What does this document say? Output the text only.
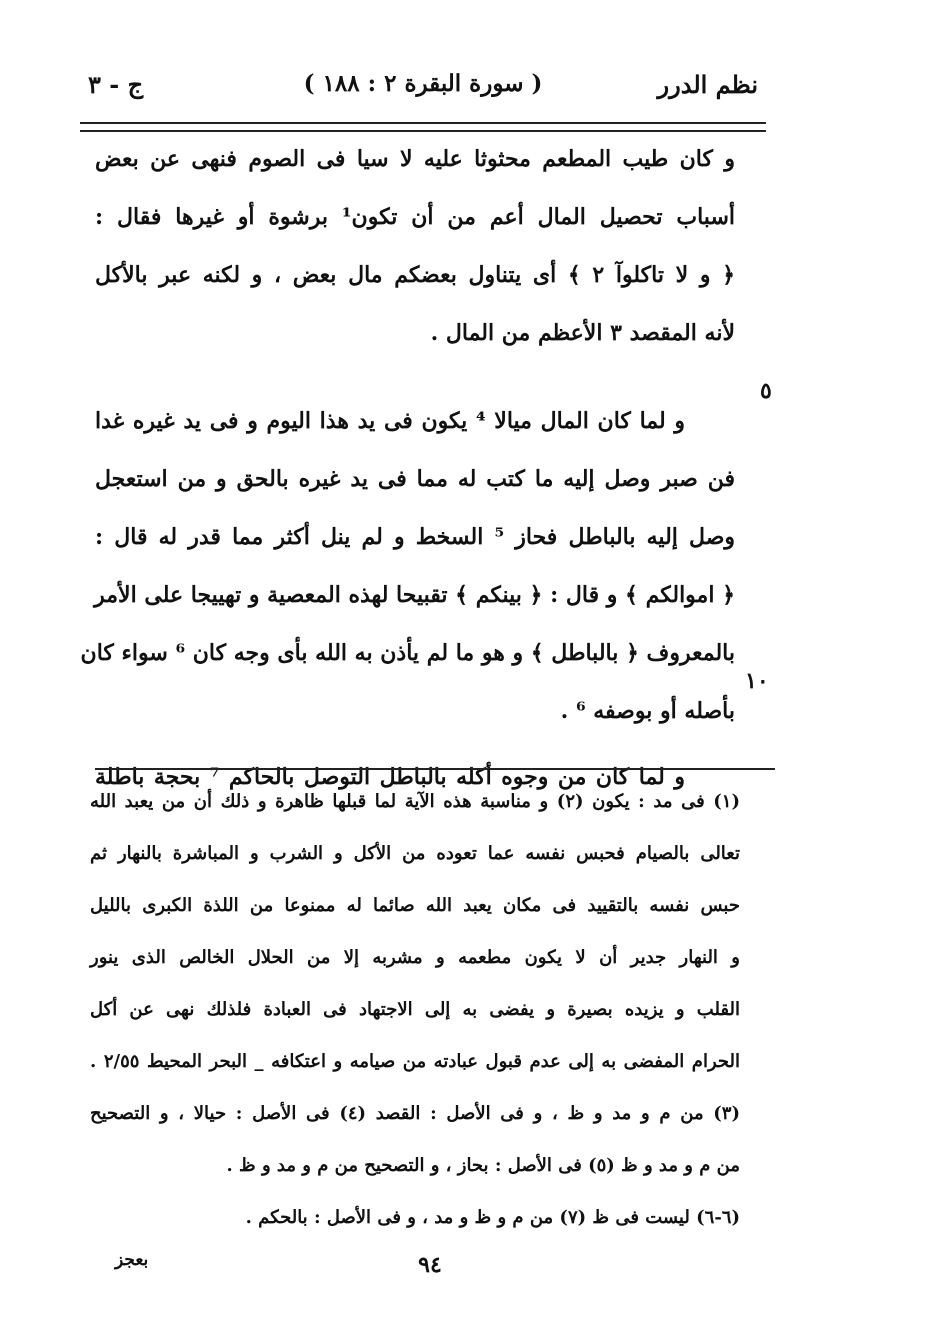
نظم الدرر
( سورة البقرة ٢ : ١٨٨ )
ج - ٣
و كان طيب المطعم محثوثا عليه لا سيا فى الصوم فنهى عن بعض
أسباب تحصيل المال أعم من أن تكون¹ برشوة أو غيرها فقال :
﴿ و لا تاكلوآ ٢ ﴾ أى يتناول بعضكم مال بعض ، و لكنه عبر بالأكل
لأنه المقصد ٣ الأعظم من المال .
و لما كان المال ميالا ⁴ يكون فى يد هذا اليوم و فى يد غيره غدا
فن صبر وصل إليه ما كتب له مما فى يد غيره بالحق و من استعجل
وصل إليه بالباطل فحاز ⁵ السخط و لم ينل أكثر مما قدر له قال :
﴿ اموالكم ﴾ و قال : ﴿ بينكم ﴾ تقبيحا لهذه المعصية و تهييجا على الأمر
بالمعروف ﴿ بالباطل ﴾ و هو ما لم يأذن به الله بأى وجه كان ⁶ سواء كان
بأصله أو بوصفه ⁶ .
و لما كان من وجوه أكله بالباطل التوصل بالحاكم ⁷ بحجة باطلة
٥
١٠
(١) فى مد : يكون (٢) و مناسبة هذه الآية لما قبلها ظاهرة و ذلك أن من يعبد الله
تعالى بالصيام فحبس نفسه عما تعوده من الأكل و الشرب و المباشرة بالنهار ثم
حبس نفسه بالتقييد فى مكان يعبد الله صائما له ممنوعا من اللذة الكبرى بالليل
و النهار جدير أن لا يكون مطعمه و مشربه إلا من الحلال الخالص الذى ينور
القلب و يزيده بصيرة و يفضى به إلى الاجتهاد فى العبادة فلذلك نهى عن أكل
الحرام المفضى به إلى عدم قبول عبادته من صيامه و اعتكافه _ البحر المحيط ٢/٥٥ .
(٣) من م و مد و ظ ، و فى الأصل : القصد (٤) فى الأصل : حيالا ، و التصحيح
من م و مد و ظ (٥) فى الأصل : بحاز ، و التصحيح من م و مد و ظ .
(٦-٦) ليست فى ظ (٧) من م و ظ و مد ، و فى الأصل : بالحكم .
٩٤
بعجز
